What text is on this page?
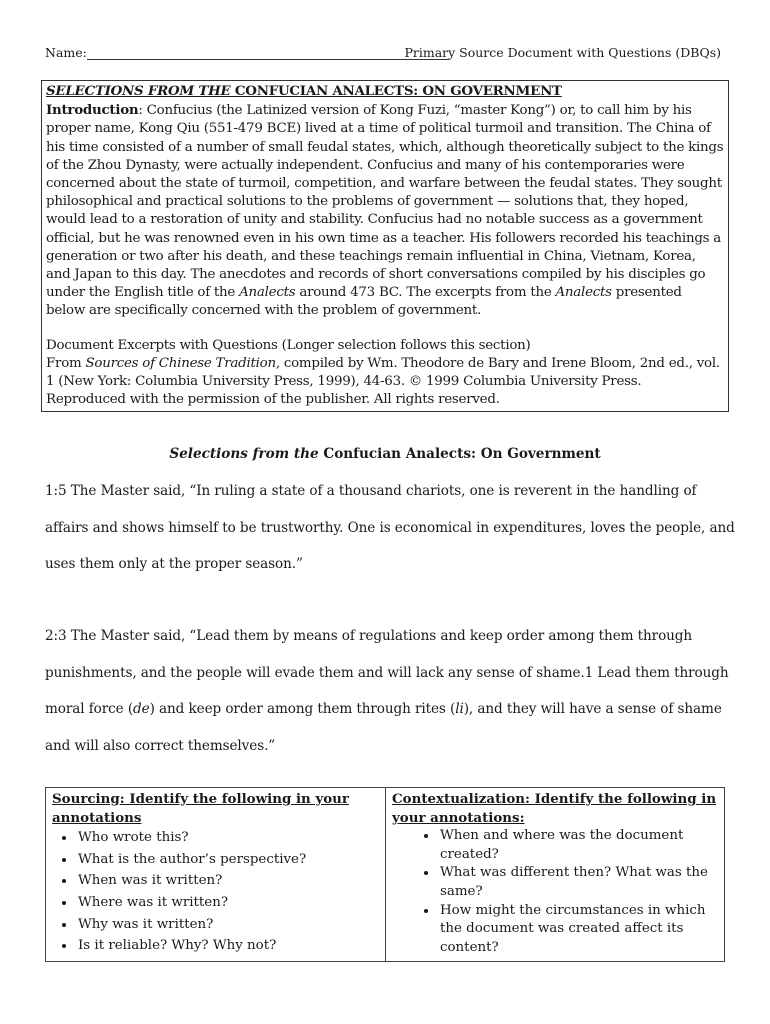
Name:	Primary Source Document with Questions (DBQs)

SELECTIONS FROM THE CONFUCIAN ANALECTS: ON GOVERNMENT

Introduction: Confucius (the Latinized version of Kong Fuzi, “master Kong”) or, to call him by his proper name, Kong Qiu (551-479 BCE) lived at a time of political turmoil and transition. The China of his time consisted of a number of small feudal states, which, although theoretically subject to the kings of the Zhou Dynasty, were actually independent. Confucius and many of his contemporaries were concerned about the state of turmoil, competition, and warfare between the feudal states. They sought philosophical and practical solutions to the problems of government — solutions that, they hoped, would lead to a restoration of unity and stability. Confucius had no notable success as a government official, but he was renowned even in his own time as a teacher. His followers recorded his teachings a generation or two after his death, and these teachings remain influential in China, Vietnam, Korea, and Japan to this day. The anecdotes and records of short conversations compiled by his disciples go under the English title of the Analects around 473 BC. The excerpts from the Analects presented below are specifically concerned with the problem of government.

Document Excerpts with Questions (Longer selection follows this section)

From Sources of Chinese Tradition, compiled by Wm. Theodore de Bary and Irene Bloom, 2nd ed., vol. 1 (New York: Columbia University Press, 1999), 44-63. © 1999 Columbia University Press. Reproduced with the permission of the publisher. All rights reserved.

Selections from the Confucian Analects: On Government

1:5 The Master said, “In ruling a state of a thousand chariots, one is reverent in the handling of affairs and shows himself to be trustworthy. One is economical in expenditures, loves the people, and uses them only at the proper season.”

2:3 The Master said, “Lead them by means of regulations and keep order among them through punishments, and the people will evade them and will lack any sense of shame.1 Lead them through moral force (de) and keep order among them through rites (li), and they will have a sense of shame and will also correct themselves.”

Sourcing: Identify the following in your annotations
• Who wrote this?
• What is the author’s perspective?
• When was it written?
• Where was it written?
• Why was it written?
• Is it reliable? Why? Why not?

Contextualization: Identify the following in your annotations:
• When and where was the document created?
• What was different then? What was the same?
• How might the circumstances in which the document was created affect its content?
